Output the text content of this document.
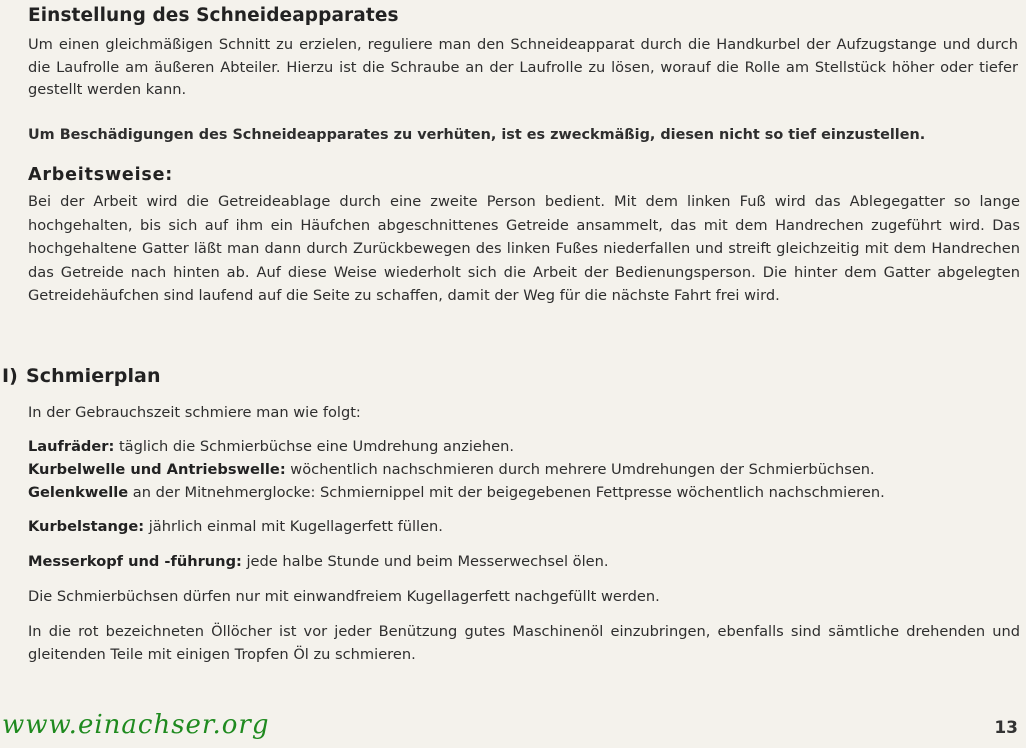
Einstellung des Schneideapparates
Um einen gleichmäßigen Schnitt zu erzielen, reguliere man den Schneideapparat durch die Handkurbel der Aufzugstange und durch die Laufrolle am äußeren Abteiler. Hierzu ist die Schraube an der Laufrolle zu lösen, worauf die Rolle am Stellstück höher oder tiefer gestellt werden kann.
Um Beschädigungen des Schneideapparates zu verhüten, ist es zweckmäßig, diesen nicht so tief einzustellen.
Arbeitsweise:
Bei der Arbeit wird die Getreideablage durch eine zweite Person bedient. Mit dem linken Fuß wird das Ablegegatter so lange hochgehalten, bis sich auf ihm ein Häufchen abgeschnittenes Getreide ansammelt, das mit dem Handrechen zugeführt wird. Das hochgehaltene Gatter läßt man dann durch Zurückbewegen des linken Fußes niederfallen und streift gleichzeitig mit dem Handrechen das Getreide nach hinten ab. Auf diese Weise wiederholt sich die Arbeit der Bedienungsperson. Die hinter dem Gatter abgelegten Getreidehäufchen sind laufend auf die Seite zu schaffen, damit der Weg für die nächste Fahrt frei wird.
I) Schmierplan
In der Gebrauchszeit schmiere man wie folgt:
Laufräder: täglich die Schmierbüchse eine Umdrehung anziehen.
Kurbelwelle und Antriebswelle: wöchentlich nachschmieren durch mehrere Umdrehungen der Schmierbüchsen.
Gelenkwelle an der Mitnehmerglocke: Schmiernippel mit der beigegebenen Fettpresse wöchentlich nachschmieren.
Kurbelstange: jährlich einmal mit Kugellagerfett füllen.
Messerkopf und -führung: jede halbe Stunde und beim Messerwechsel ölen.
Die Schmierbüchsen dürfen nur mit einwandfreiem Kugellagerfett nachgefüllt werden.
In die rot bezeichneten Öllöcher ist vor jeder Benützung gutes Maschinenöl einzubringen, ebenfalls sind sämtliche drehenden und gleitenden Teile mit einigen Tropfen Öl zu schmieren.
www.einachser.org	13
